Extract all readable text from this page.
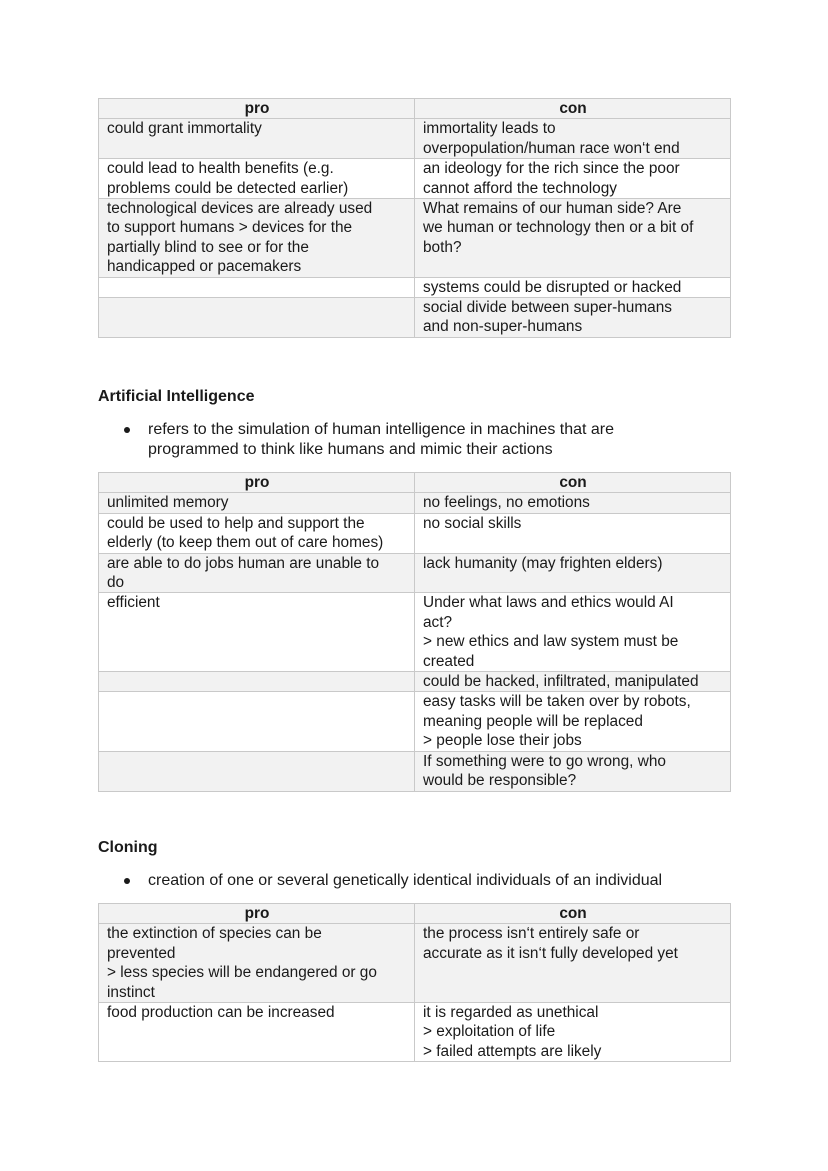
pro	con

could grant immortality	immortality leads to
overpopulation/human race won‘t end

could lead to health benefits (e.g.
problems could be detected earlier)	an ideology for the rich since the poor
cannot afford the technology

technological devices are already used
to support humans > devices for the
partially blind to see or for the
handicapped or pacemakers	What remains of our human side? Are
we human or technology then or a bit of
both?

	systems could be disrupted or hacked

	social divide between super-humans
and non-super-humans
Artificial Intelligence
refers to the simulation of human intelligence in machines that are
programmed to think like humans and mimic their actions
pro	con

unlimited memory	no feelings, no emotions

could be used to help and support the
elderly (to keep them out of care homes)	no social skills

are able to do jobs human are unable to
do	lack humanity (may frighten elders)

efficient	Under what laws and ethics would AI
act?
> new ethics and law system must be
created

	could be hacked, infiltrated, manipulated

	easy tasks will be taken over by robots,
meaning people will be replaced
> people lose their jobs

	If something were to go wrong, who
would be responsible?
Cloning
creation of one or several genetically identical individuals of an individual
pro	con

the extinction of species can be
prevented
> less species will be endangered or go
instinct	the process isn‘t entirely safe or
accurate as it isn‘t fully developed yet

food production can be increased	it is regarded as unethical
> exploitation of life
> failed attempts are likely
